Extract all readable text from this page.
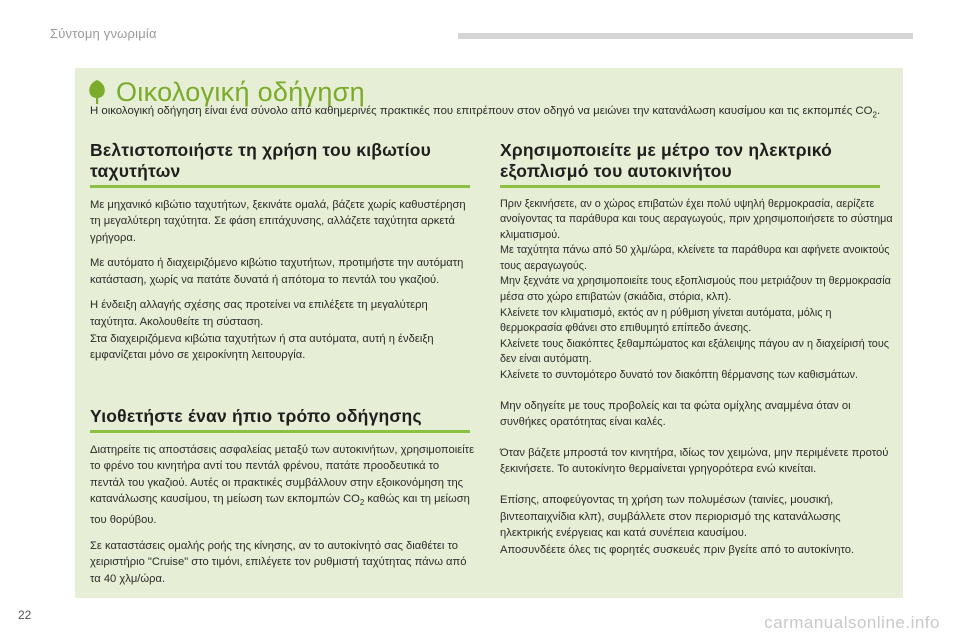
Σύντομη γνωριμία
Οικολογική οδήγηση
Η οικολογική οδήγηση είναι ένα σύνολο από καθημερινές πρακτικές που επιτρέπουν στον οδηγό να μειώνει την κατανάλωση καυσίμου και τις εκπομπές $CO_2$.
Βελτιστοποιήστε τη χρήση του κιβωτίου ταχυτήτων

Με μηχανικό κιβώτιο ταχυτήτων, ξεκινάτε ομαλά, βάζετε χωρίς καθυστέρηση τη μεγαλύτερη ταχύτητα. Σε φάση επιτάχυνσης, αλλάζετε ταχύτητα αρκετά γρήγορα.

Με αυτόματο ή διαχειριζόμενο κιβώτιο ταχυτήτων, προτιμήστε την αυτόματη κατάσταση, χωρίς να πατάτε δυνατά ή απότομα το πεντάλ του γκαζιού.

Η ένδειξη αλλαγής σχέσης σας προτείνει να επιλέξετε τη μεγαλύτερη ταχύτητα. Ακολουθείτε τη σύσταση.
Στα διαχειριζόμενα κιβώτια ταχυτήτων ή στα αυτόματα, αυτή η ένδειξη εμφανίζεται μόνο σε χειροκίνητη λειτουργία.

Υιοθετήστε έναν ήπιο τρόπο οδήγησης

Διατηρείτε τις αποστάσεις ασφαλείας μεταξύ των αυτοκινήτων, χρησιμοποιείτε το φρένο του κινητήρα αντί του πεντάλ φρένου, πατάτε προοδευτικά το πεντάλ του γκαζιού. Αυτές οι πρακτικές συμβάλλουν στην εξοικονόμηση της κατανάλωσης καυσίμου, τη μείωση των εκπομπών $CO_2$ καθώς και τη μείωση του θορύβου.

Σε καταστάσεις ομαλής ροής της κίνησης, αν το αυτοκίνητό σας διαθέτει το χειριστήριο "Cruise" στο τιμόνι, επιλέγετε τον ρυθμιστή ταχύτητας πάνω από τα 40 χλμ/ώρα.

Χρησιμοποιείτε με μέτρο τον ηλεκτρικό εξοπλισμό του αυτοκινήτου

Πριν ξεκινήσετε, αν ο χώρος επιβατών έχει πολύ υψηλή θερμοκρασία, αερίζετε ανοίγοντας τα παράθυρα και τους αεραγωγούς, πριν χρησιμοποιήσετε το σύστημα κλιματισμού.
Με ταχύτητα πάνω από 50 χλμ/ώρα, κλείνετε τα παράθυρα και αφήνετε ανοικτούς τους αεραγωγούς.
Μην ξεχνάτε να χρησιμοποιείτε τους εξοπλισμούς που μετριάζουν τη θερμοκρασία μέσα στο χώρο επιβατών (σκιάδια, στόρια, κλπ).
Κλείνετε τον κλιματισμό, εκτός αν η ρύθμιση γίνεται αυτόματα, μόλις η θερμοκρασία φθάνει στο επιθυμητό επίπεδο άνεσης.
Κλείνετε τους διακόπτες ξεθαμπώματος και εξάλειψης πάγου αν η διαχείρισή τους δεν είναι αυτόματη.
Κλείνετε το συντομότερο δυνατό τον διακόπτη θέρμανσης των καθισμάτων.

Μην οδηγείτε με τους προβολείς και τα φώτα ομίχλης αναμμένα όταν οι συνθήκες ορατότητας είναι καλές.

Όταν βάζετε μπροστά τον κινητήρα, ιδίως τον χειμώνα, μην περιμένετε προτού ξεκινήσετε. Το αυτοκίνητο θερμαίνεται γρηγορότερα ενώ κινείται.

Επίσης, αποφεύγοντας τη χρήση των πολυμέσων (ταινίες, μουσική, βιντεοπαιχνίδια κλπ), συμβάλλετε στον περιορισμό της κατανάλωσης ηλεκτρικής ενέργειας και κατά συνέπεια καυσίμου.
Αποσυνδέετε όλες τις φορητές συσκευές πριν βγείτε από το αυτοκίνητο.

22	carmanualsonline.info
